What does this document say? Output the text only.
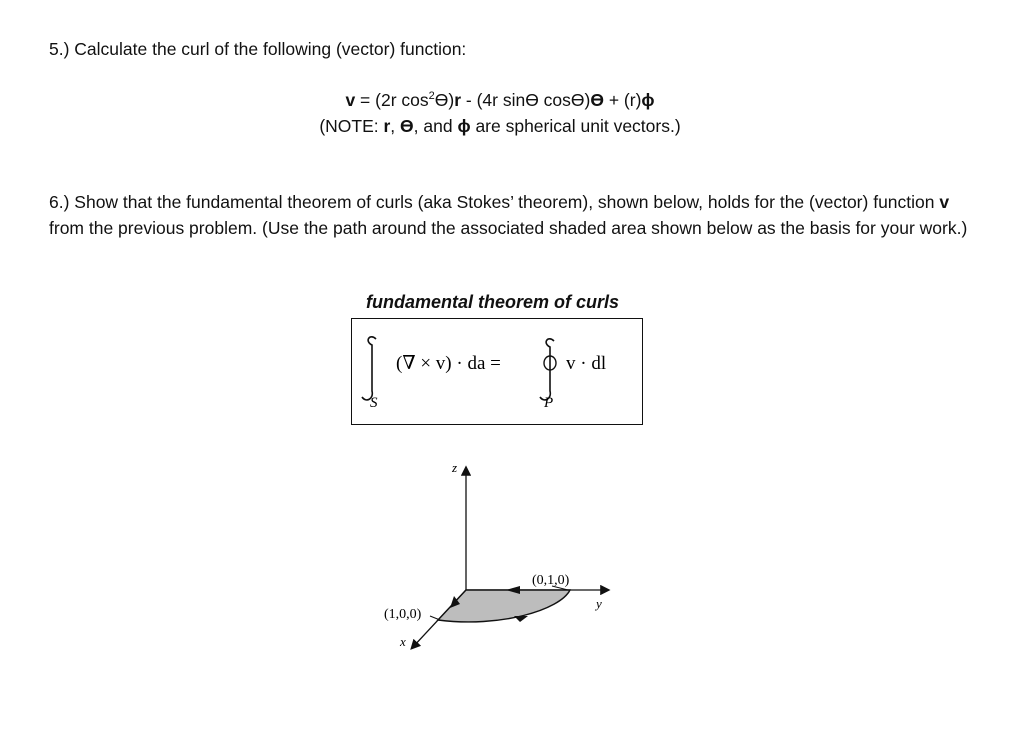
5.) Calculate the curl of the following (vector) function:
v = (2r $\cos^2ϴ)r - (4r$ sinϴ cosϴ)ϴ + (r)ϕ
(NOTE: r, ϴ, and ϕ are spherical unit vectors.)
6.) Show that the fundamental theorem of curls (aka Stokes’ theorem), shown below, holds for the (vector) function v from the previous problem. (Use the path around the associated shaded area shown below as the basis for your work.)
fundamental theorem of curls
(∇ × v) · da =
S
v · dl
P
z
y
x
(0,1,0)
(1,0,0)
